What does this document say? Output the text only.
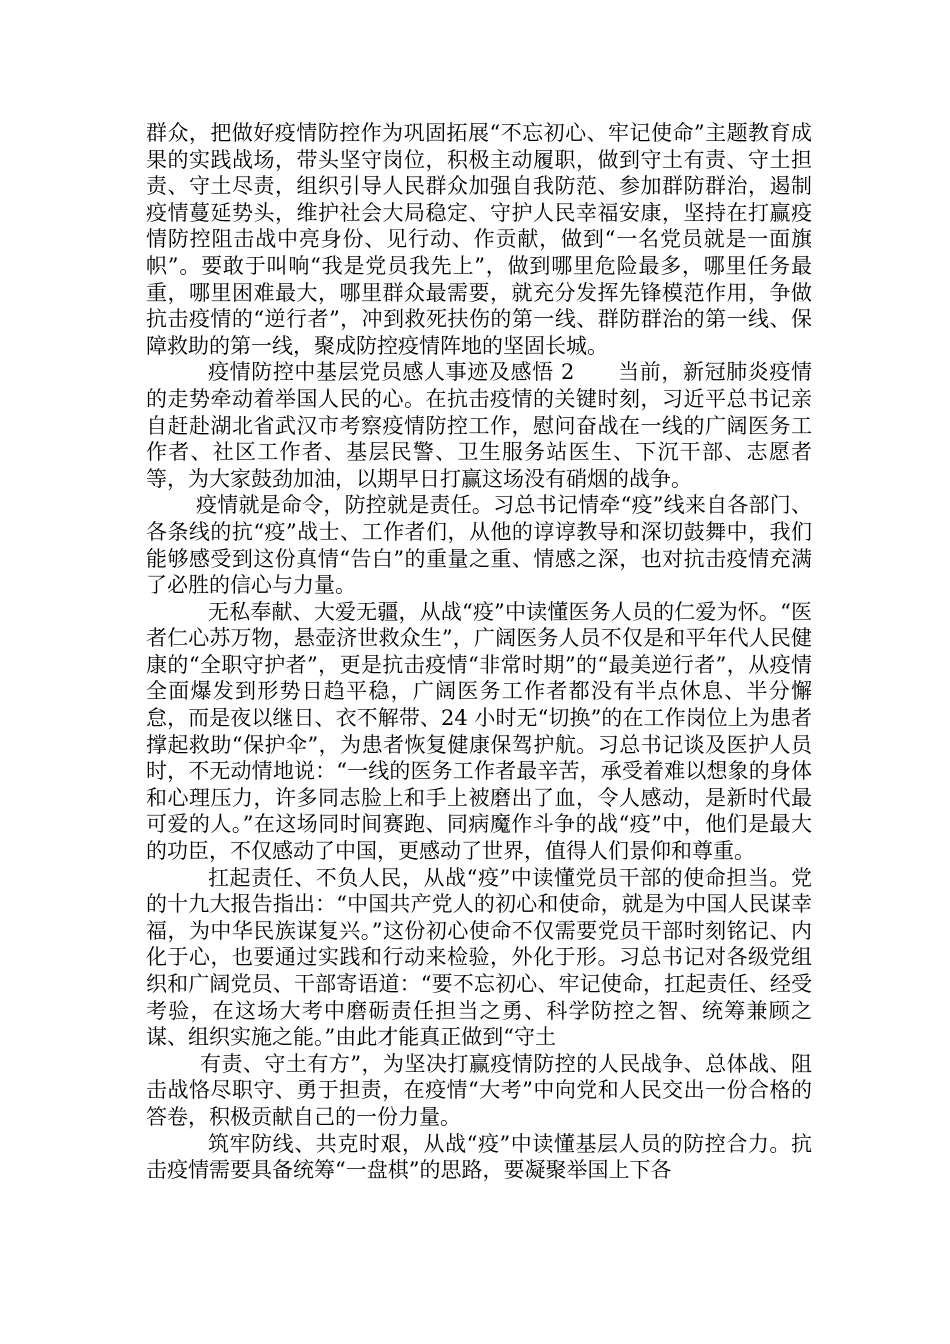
群众，把做好疫情防控作为巩固拓展“不忘初心、牢记使命”主题教育成果的实践战场，带头坚守岗位，积极主动履职，做到守土有责、守土担责、守土尽责，组织引导人民群众加强自我防范、参加群防群治，遏制疫情蔓延势头，维护社会大局稳定、守护人民幸福安康，坚持在打赢疫情防控阻击战中亮身份、见行动、作贡献，做到“一名党员就是一面旗帜”。要敢于叫响“我是党员我先上”，做到哪里危险最多，哪里任务最重，哪里困难最大，哪里群众最需要，就充分发挥先锋模范作用，争做抗击疫情的“逆行者”，冲到救死扶伤的第一线、群防群治的第一线、保障救助的第一线，聚成防控疫情阵地的坚固长城。

疫情防控中基层党员感人事迹及感悟 2　　当前，新冠肺炎疫情的走势牵动着举国人民的心。在抗击疫情的关键时刻，习近平总书记亲自赶赴湖北省武汉市考察疫情防控工作，慰问奋战在一线的广阔医务工作者、社区工作者、基层民警、卫生服务站医生、下沉干部、志愿者等，为大家鼓劲加油，以期早日打赢这场没有硝烟的战争。

疫情就是命令，防控就是责任。习总书记情牵“疫”线来自各部门、各条线的抗“疫”战士、工作者们，从他的谆谆教导和深切鼓舞中，我们能够感受到这份真情“告白”的重量之重、情感之深，也对抗击疫情充满了必胜的信心与力量。

无私奉献、大爱无疆，从战“疫”中读懂医务人员的仁爱为怀。“医者仁心苏万物，悬壶济世救众生”，广阔医务人员不仅是和平年代人民健康的“全职守护者”，更是抗击疫情“非常时期”的“最美逆行者”，从疫情全面爆发到形势日趋平稳，广阔医务工作者都没有半点休息、半分懈怠，而是夜以继日、衣不解带、24 小时无“切换”的在工作岗位上为患者撑起救助“保护伞”，为患者恢复健康保驾护航。习总书记谈及医护人员时，不无动情地说：“一线的医务工作者最辛苦，承受着难以想象的身体和心理压力，许多同志脸上和手上被磨出了血，令人感动，是新时代最可爱的人。”在这场同时间赛跑、同病魔作斗争的战“疫”中，他们是最大的功臣，不仅感动了中国，更感动了世界，值得人们景仰和尊重。

扛起责任、不负人民，从战“疫”中读懂党员干部的使命担当。党的十九大报告指出：“中国共产党人的初心和使命，就是为中国人民谋幸福，为中华民族谋复兴。”这份初心使命不仅需要党员干部时刻铭记、内化于心，也要通过实践和行动来检验，外化于形。习总书记对各级党组织和广阔党员、干部寄语道：“要不忘初心、牢记使命，扛起责任、经受考验，在这场大考中磨砺责任担当之勇、科学防控之智、统筹兼顾之谋、组织实施之能。”由此才能真正做到“守土

有责、守土有方”，为坚决打赢疫情防控的人民战争、总体战、阻击战恪尽职守、勇于担责，在疫情“大考”中向党和人民交出一份合格的答卷，积极贡献自己的一份力量。

筑牢防线、共克时艰，从战“疫”中读懂基层人员的防控合力。抗击疫情需要具备统筹“一盘棋”的思路，要凝聚举国上下各
